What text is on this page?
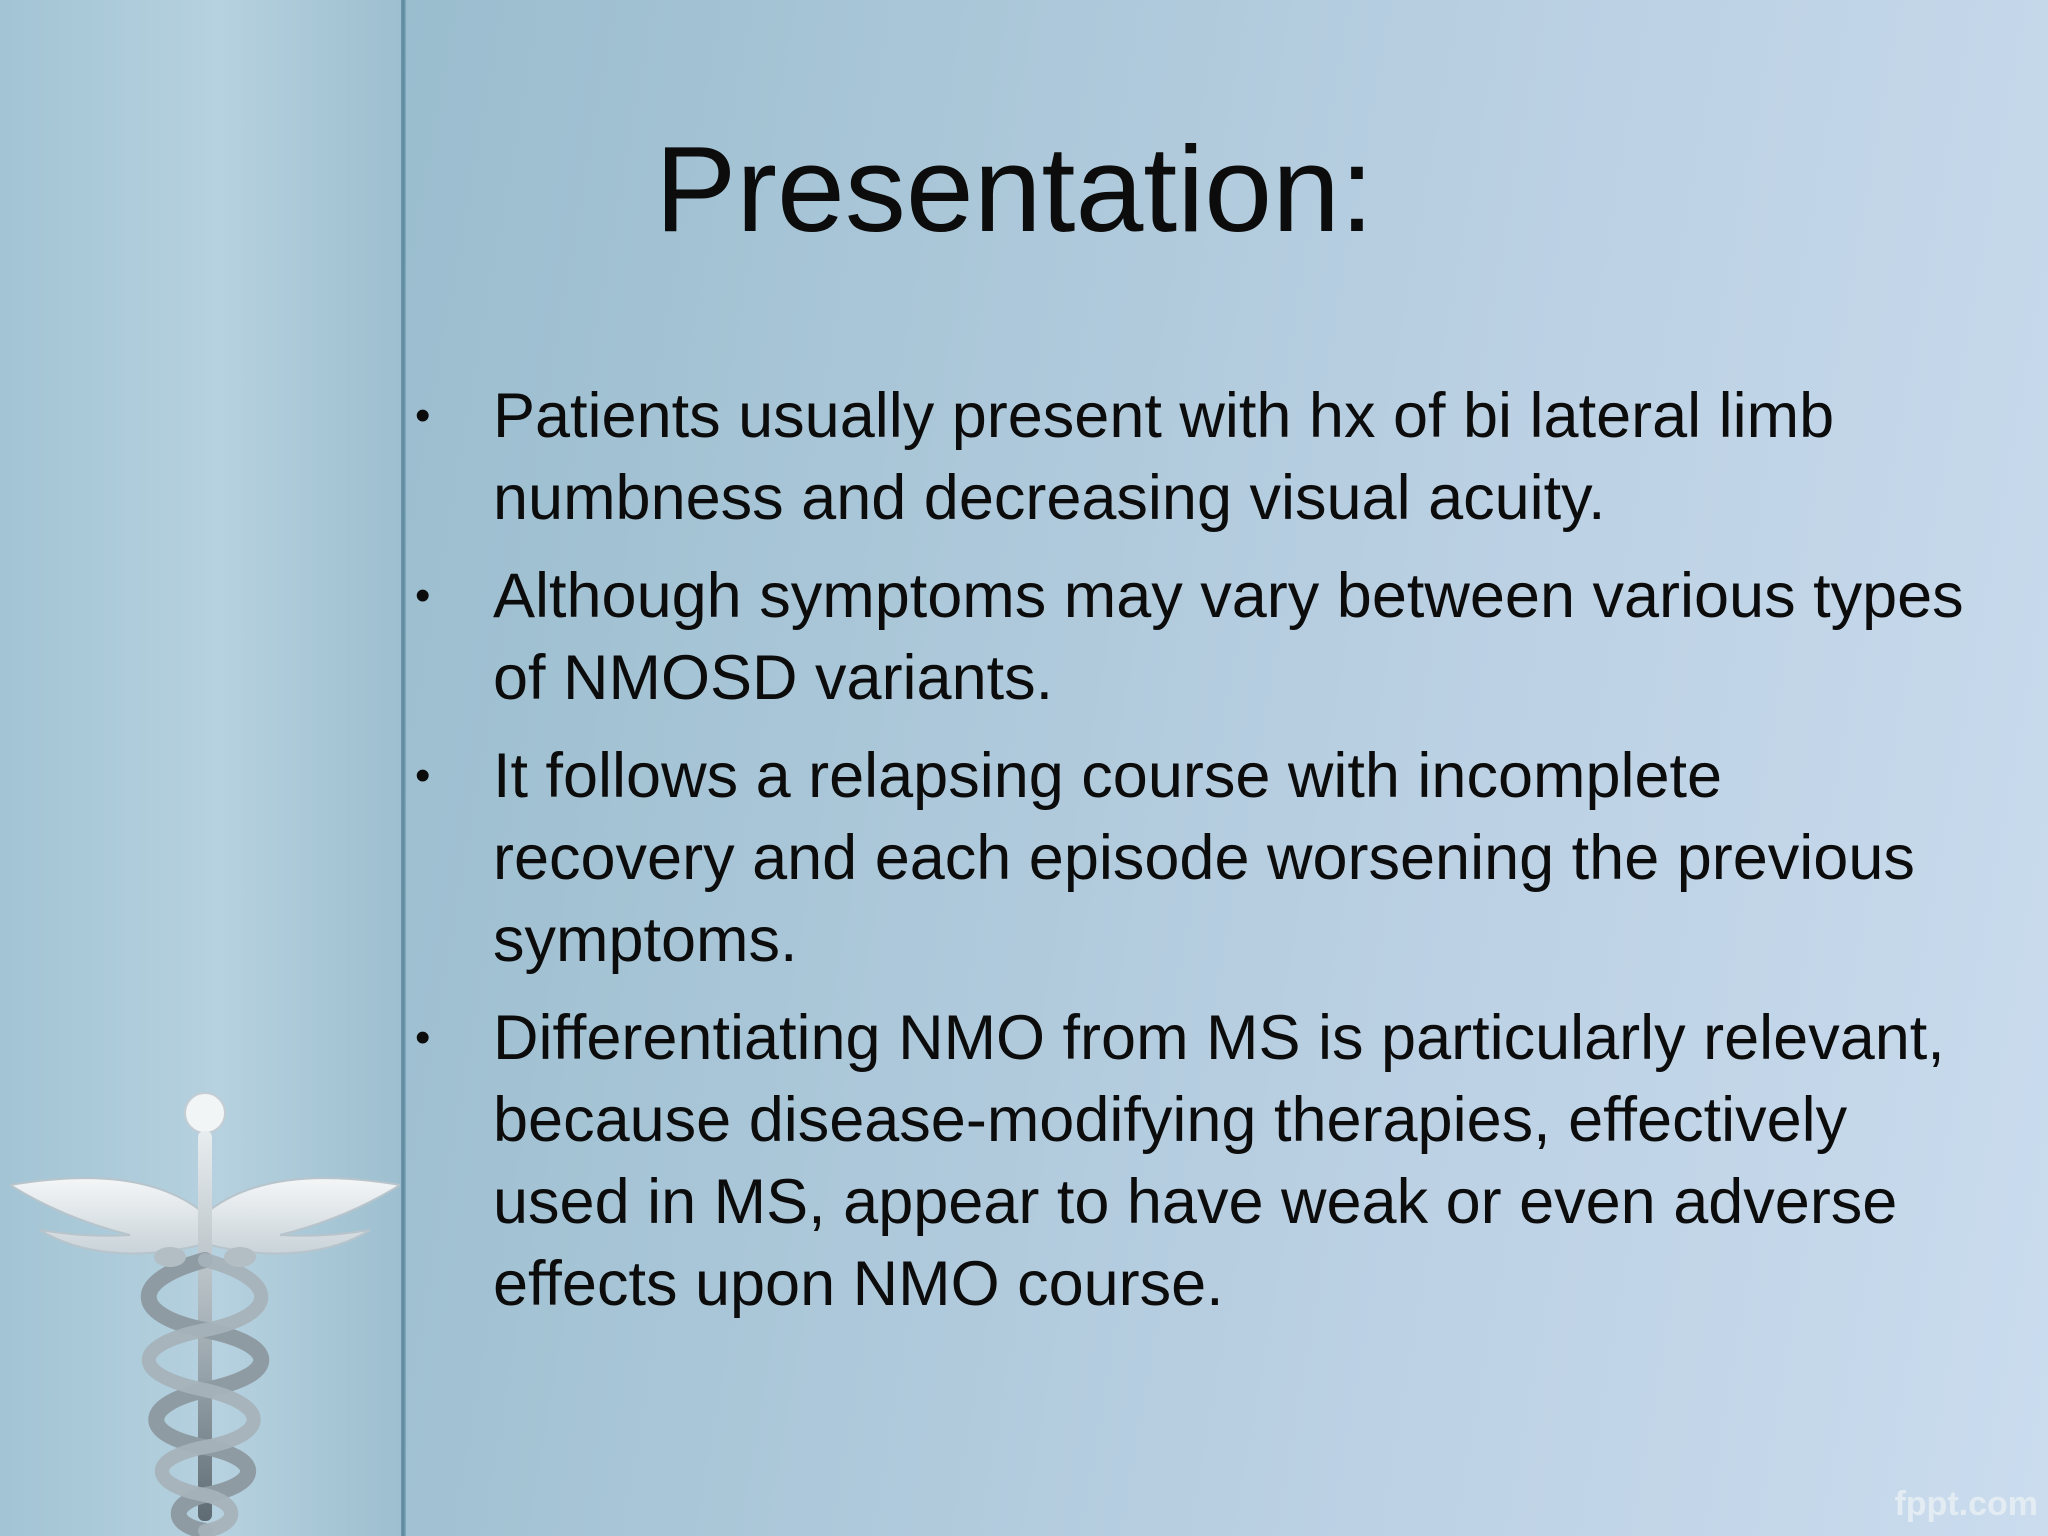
Presentation:
• Patients usually present with hx of bi lateral limb numbness and decreasing visual acuity.
• Although symptoms may vary between various types of NMOSD variants.
• It follows a relapsing course with incomplete recovery and each episode worsening the previous symptoms.
• Differentiating NMO from MS is particularly relevant, because disease-modifying therapies, effectively used in MS, appear to have weak or even adverse effects upon NMO course.
fppt.com
